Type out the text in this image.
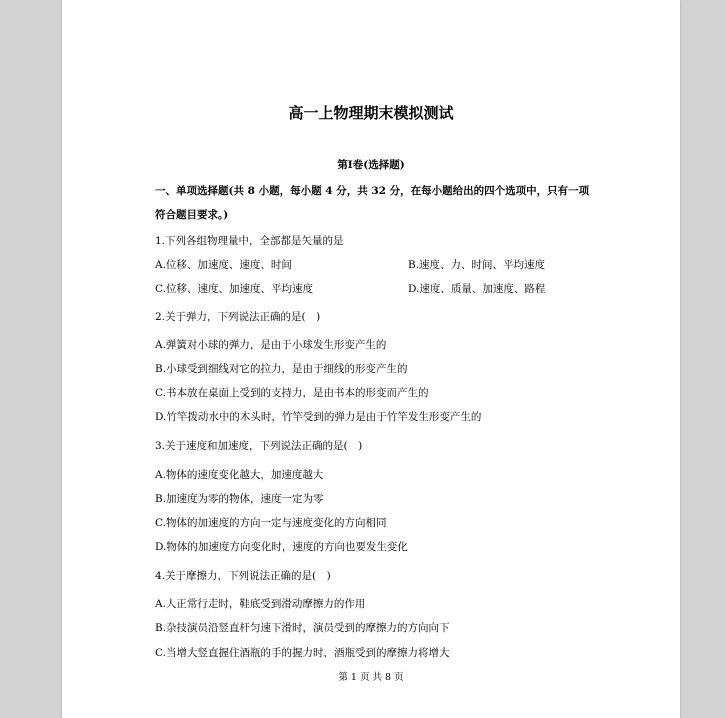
高一上物理期末模拟测试
第Ⅰ卷(选择题)
一、单项选择题(共 8 小题，每小题 4 分，共 32 分，在每小题给出的四个选项中，只有一项
符合题目要求。)
1.下列各组物理量中，全部都是矢量的是
A.位移、加速度、速度、时间	B.速度、力、时间、平均速度
C.位移、速度、加速度、平均速度	D.速度、质量、加速度、路程
2.关于弹力，下列说法正确的是(　)
A.弹簧对小球的弹力，是由于小球发生形变产生的
B.小球受到细线对它的拉力，是由于细线的形变产生的
C.书本放在桌面上受到的支持力，是由书本的形变而产生的
D.竹竿拨动水中的木头时，竹竿受到的弹力是由于竹竿发生形变产生的
3.关于速度和加速度，下列说法正确的是(　)
A.物体的速度变化越大，加速度越大
B.加速度为零的物体，速度一定为零
C.物体的加速度的方向一定与速度变化的方向相同
D.物体的加速度方向变化时，速度的方向也要发生变化
4.关于摩擦力，下列说法正确的是(　)
A.人正常行走时，鞋底受到滑动摩擦力的作用
B.杂技演员沿竖直杆匀速下滑时，演员受到的摩擦力的方向向下
C.当增大竖直握住酒瓶的手的握力时，酒瓶受到的摩擦力将增大
第 1 页 共 8 页
